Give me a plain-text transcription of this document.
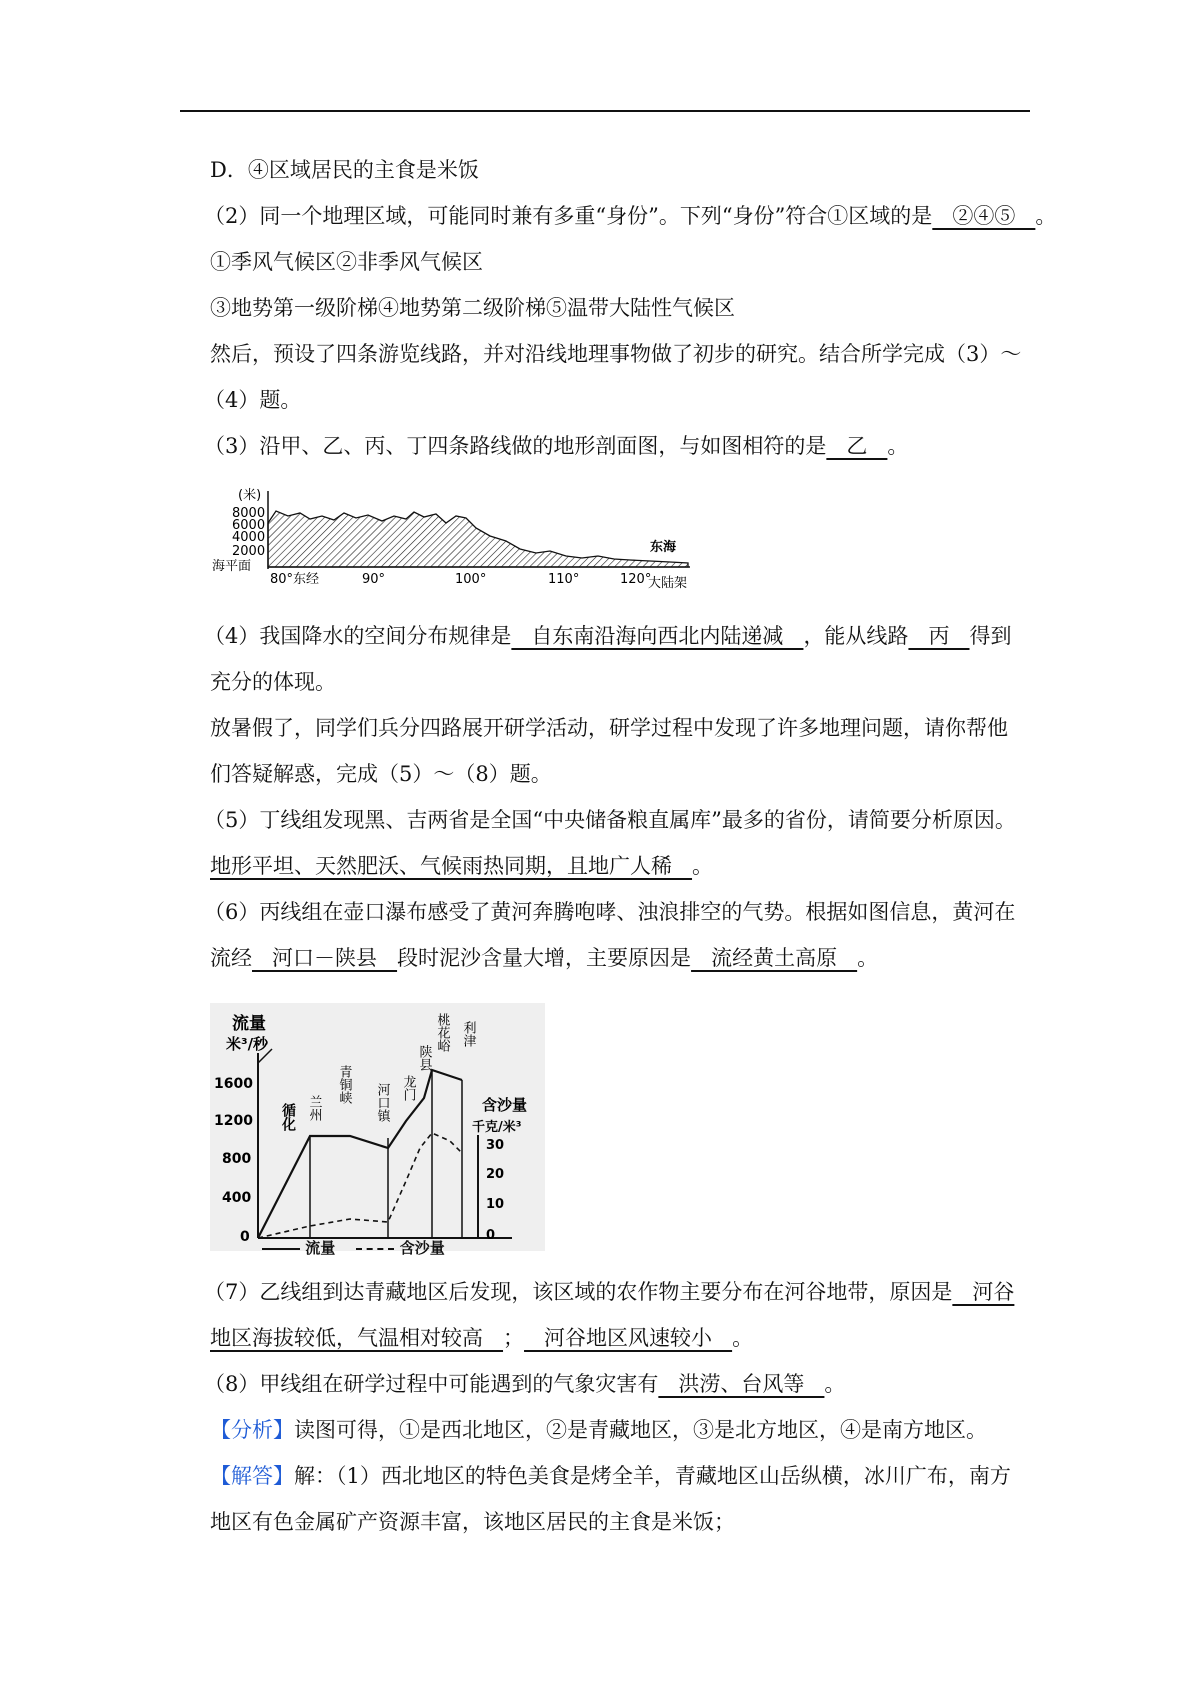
D．④区域居民的主食是米饭
（2）同一个地理区域，可能同时兼有多重“身份”。下列“身份”符合①区域的是   ②④⑤   。
①季风气候区②非季风气候区
③地势第一级阶梯④地势第二级阶梯⑤温带大陆性气候区
然后，预设了四条游览线路，并对沿线地理事物做了初步的研究。结合所学完成（3）～
（4）题。
（3）沿甲、乙、丙、丁四条路线做的地形剖面图，与如图相符的是   乙   。
(米)
8000
6000
4000
2000
海平面
80°东经	90°	100°	110°	120°
东海
大陆架
（4）我国降水的空间分布规律是   自东南沿海向西北内陆递减   ，能从线路   丙   得到
充分的体现。
放暑假了，同学们兵分四路展开研学活动，研学过程中发现了许多地理问题，请你帮他
们答疑解惑，完成（5）～（8）题。
（5）丁线组发现黑、吉两省是全国“中央储备粮直属库”最多的省份，请简要分析原因。
地形平坦、天然肥沃、气候雨热同期，且地广人稀   。
（6）丙线组在壶口瀑布感受了黄河奔腾咆哮、浊浪排空的气势。根据如图信息，黄河在
流经   河口－陕县   段时泥沙含量大增，主要原因是   流经黄土高原   。
流量
米³/秒
1600
1200
800
400
0
含沙量
千克/米³
30
20
10
0
循化 兰州
青铜峡 河口镇 龙门
陕县
桃花峪 利津
流量	含沙量
（7）乙线组到达青藏地区后发现，该区域的农作物主要分布在河谷地带，原因是   河谷
地区海拔较低，气温相对较高   ；   河谷地区风速较小   。
（8）甲线组在研学过程中可能遇到的气象灾害有   洪涝、台风等   。
【分析】读图可得，①是西北地区，②是青藏地区，③是北方地区，④是南方地区。
【解答】解：（1）西北地区的特色美食是烤全羊，青藏地区山岳纵横，冰川广布，南方
地区有色金属矿产资源丰富，该地区居民的主食是米饭；
